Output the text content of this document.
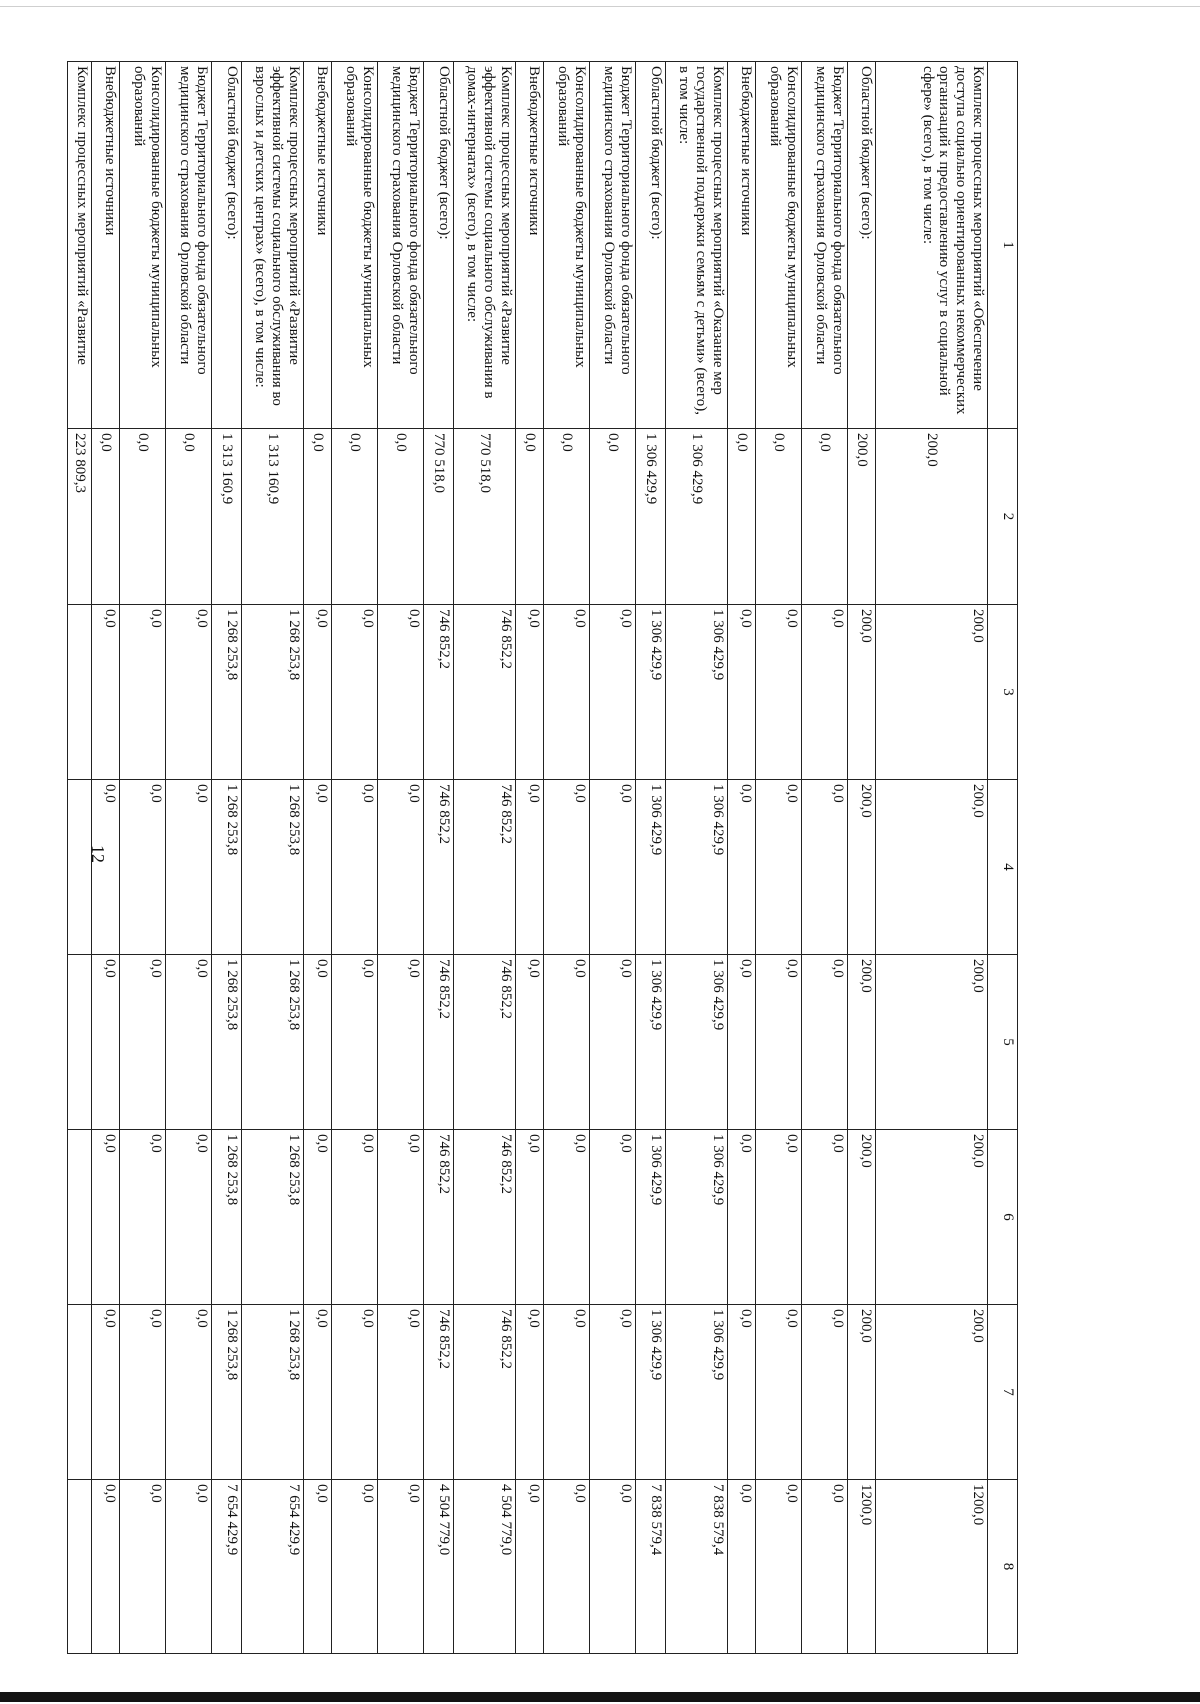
12
1	2	3	4	5	6	7	8
Комплекс процессных мероприятий «Обеспечение доступа социально ориентированных некоммерческих организаций к предоставлению услуг в социальной сфере» (всего), в том числе:	200,0	200,0	200,0	200,0	200,0	200,0	1200,0
Областной бюджет (всего):	200,0	200,0	200,0	200,0	200,0	200,0	1200,0
Бюджет Территориального фонда обязательного медицинского страхования Орловской области	0,0	0,0	0,0	0,0	0,0	0,0	0,0
Консолидированные бюджеты муниципальных образований	0,0	0,0	0,0	0,0	0,0	0,0	0,0
Внебюджетные источники	0,0	0,0	0,0	0,0	0,0	0,0	0,0
Комплекс процессных мероприятий «Оказание мер государственной поддержки семьям с детьми» (всего), в том числе:	1 306 429,9	1 306 429,9	1 306 429,9	1 306 429,9	1 306 429,9	1 306 429,9	7 838 579,4
Областной бюджет (всего):	1 306 429,9	1 306 429,9	1 306 429,9	1 306 429,9	1 306 429,9	1 306 429,9	7 838 579,4
Бюджет Территориального фонда обязательного медицинского страхования Орловской области	0,0	0,0	0,0	0,0	0,0	0,0	0,0
Консолидированные бюджеты муниципальных образований	0,0	0,0	0,0	0,0	0,0	0,0	0,0
Внебюджетные источники	0,0	0,0	0,0	0,0	0,0	0,0	0,0
Комплекс процессных мероприятий «Развитие эффективной системы социального обслуживания в домах-интернатах» (всего), в том числе:	770 518,0	746 852,2	746 852,2	746 852,2	746 852,2	746 852,2	4 504 779,0
Областной бюджет (всего):	770 518,0	746 852,2	746 852,2	746 852,2	746 852,2	746 852,2	4 504 779,0
Бюджет Территориального фонда обязательного медицинского страхования Орловской области	0,0	0,0	0,0	0,0	0,0	0,0	0,0
Консолидированные бюджеты муниципальных образований	0,0	0,0	0,0	0,0	0,0	0,0	0,0
Внебюджетные источники	0,0	0,0	0,0	0,0	0,0	0,0	0,0
Комплекс процессных мероприятий «Развитие эффективной системы социального обслуживания во взрослых и детских центрах» (всего), в том числе:	1 313 160,9	1 268 253,8	1 268 253,8	1 268 253,8	1 268 253,8	1 268 253,8	7 654 429,9
Областной бюджет (всего):	1 313 160,9	1 268 253,8	1 268 253,8	1 268 253,8	1 268 253,8	1 268 253,8	7 654 429,9
Бюджет Территориального фонда обязательного медицинского страхования Орловской области	0,0	0,0	0,0	0,0	0,0	0,0	0,0
Консолидированные бюджеты муниципальных образований	0,0	0,0	0,0	0,0	0,0	0,0	0,0
Внебюджетные источники	0,0	0,0	0,0	0,0	0,0	0,0	0,0
Комплекс процессных мероприятий «Развитие	223 809,3						
